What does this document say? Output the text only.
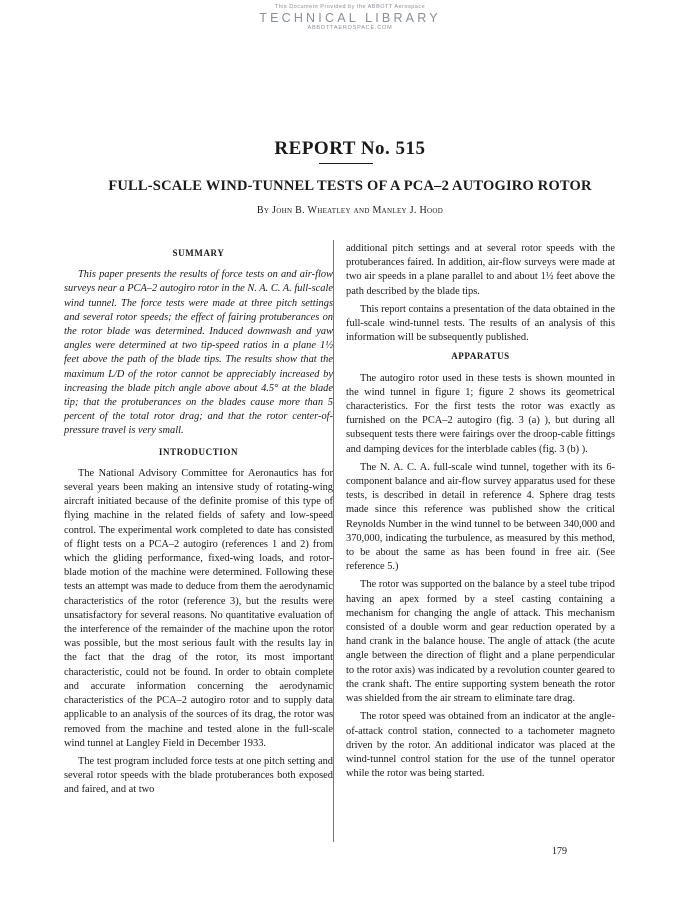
This Document Provided by the ABBOTT Aerospace
TECHNICAL LIBRARY
ABBOTTAEROSPACE.COM
REPORT No. 515
FULL-SCALE WIND-TUNNEL TESTS OF A PCA–2 AUTOGIRO ROTOR
By John B. Wheatley and Manley J. Hood
SUMMARY

This paper presents the results of force tests on and air-flow surveys near a PCA–2 autogiro rotor in the N. A. C. A. full-scale wind tunnel. The force tests were made at three pitch settings and several rotor speeds; the effect of fairing protuberances on the rotor blade was determined. Induced downwash and yaw angles were determined at two tip-speed ratios in a plane 1½ feet above the path of the blade tips. The results show that the maximum L/D of the rotor cannot be appreciably increased by increasing the blade pitch angle above about 4.5° at the blade tip; that the protuberances on the blades cause more than 5 percent of the total rotor drag; and that the rotor center-of-pressure travel is very small.

INTRODUCTION

The National Advisory Committee for Aeronautics has for several years been making an intensive study of rotating-wing aircraft initiated because of the definite promise of this type of flying machine in the related fields of safety and low-speed control. The experimental work completed to date has consisted of flight tests on a PCA–2 autogiro (references 1 and 2) from which the gliding performance, fixed-wing loads, and rotor-blade motion of the machine were determined. Following these tests an attempt was made to deduce from them the aerodynamic characteristics of the rotor (reference 3), but the results were unsatisfactory for several reasons. No quantitative evaluation of the interference of the remainder of the machine upon the rotor was possible, but the most serious fault with the results lay in the fact that the drag of the rotor, its most important characteristic, could not be found. In order to obtain complete and accurate information concerning the aerodynamic characteristics of the PCA–2 autogiro rotor and to supply data applicable to an analysis of the sources of its drag, the rotor was removed from the machine and tested alone in the full-scale wind tunnel at Langley Field in December 1933.

The test program included force tests at one pitch setting and several rotor speeds with the blade protuberances both exposed and faired, and at two

additional pitch settings and at several rotor speeds with the protuberances faired. In addition, air-flow surveys were made at two air speeds in a plane parallel to and about 1½ feet above the path described by the blade tips.

This report contains a presentation of the data obtained in the full-scale wind-tunnel tests. The results of an analysis of this information will be subsequently published.

APPARATUS

The autogiro rotor used in these tests is shown mounted in the wind tunnel in figure 1; figure 2 shows its geometrical characteristics. For the first tests the rotor was exactly as furnished on the PCA–2 autogiro (fig. 3 (a) ), but during all subsequent tests there were fairings over the droop-cable fittings and damping devices for the interblade cables (fig. 3 (b) ).

The N. A. C. A. full-scale wind tunnel, together with its 6-component balance and air-flow survey apparatus used for these tests, is described in detail in reference 4. Sphere drag tests made since this reference was published show the critical Reynolds Number in the wind tunnel to be between 340,000 and 370,000, indicating the turbulence, as measured by this method, to be about the same as has been found in free air. (See reference 5.)

The rotor was supported on the balance by a steel tube tripod having an apex formed by a steel casting containing a mechanism for changing the angle of attack. This mechanism consisted of a double worm and gear reduction operated by a hand crank in the balance house. The angle of attack (the acute angle between the direction of flight and a plane perpendicular to the rotor axis) was indicated by a revolution counter geared to the crank shaft. The entire supporting system beneath the rotor was shielded from the air stream to eliminate tare drag.

The rotor speed was obtained from an indicator at the angle-of-attack control station, connected to a tachometer magneto driven by the rotor. An additional indicator was placed at the wind-tunnel control station for the use of the tunnel operator while the rotor was being started.

179
